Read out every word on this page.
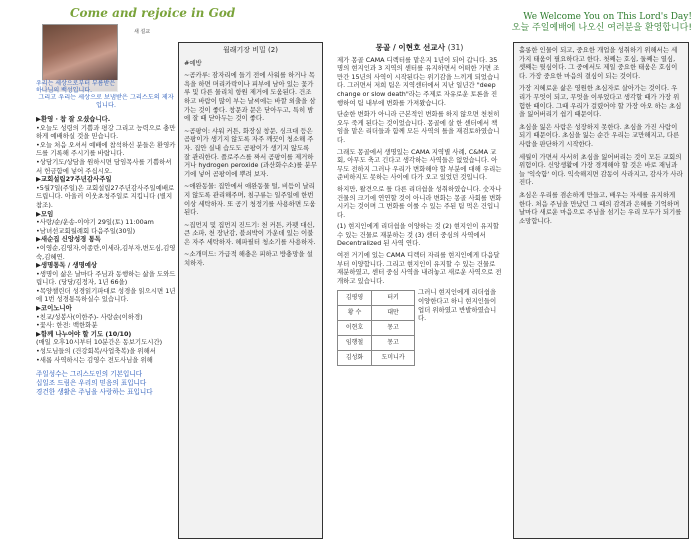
Come and rejoice in God	We Welcome You on This Lord's Day!
오늘 주일예배에 나오신 여러분을 환영합니다!
새 설교
우리는 세상으로부터 부름받은 하나님의 백성입니다.
그리고 우리는 세상으로 보냄받은 그리스도의 제자입니다.

▶환영 · 참 잘 오셨습니다.

•오늘도 성령의 기쁨과 평강 그리고 능력으로 충만하게 예배하실 것을 믿습니다.

•오늘 처음 오셔서 예배에 참석하신 분들은 환영카드를 기록해 주시기를 바랍니다.

•상담기도/상담을 원하시면 담임목사를 기쁨하셔서 헌금함에 넣어 주십시오.

▶교회설립27주년감사주일

•5월7일(주일)은 교회설립27주년감사주일예배로 드립니다. 아울러 이웃초청주일로 지킵니다 (별지참조).

▶모임

•사랑/순/운송-이야기 29일(토) 11:00am
•남녀선교회월례회 다음주일(30일)

▶새순집 신앙성경 통독

•이영순,김영자,이종란,이세라,김부자,변도심,김영숙,김혜연.

▶생명통독 / 생명예상

•생명이 삶은 날마다 주님과 동행하는 삶을 도와드립니다. (당당/김정자, 1년 66을)
•목양챌린더 성경읽기파대로 성경을 읽으시면 1년에 1번 성경통독하실수 있습니다.

▶코이노니아

•친교/성봉사(이한주)- 사랑순(이하경)
•꽃사: 한전: 백한화분

▶함께 나누어야 할 기도 (10/10)

(매일 오후10시부터 10분간은 동보기도시간)
•성도님들의 (건강회복/사업축복)을 위해서
•새롭 사역하시는 김영수 전도사님을 위해

주일성수는 그리스도인의 기본입니다
십일조 드림은 우리의 믿음의 표입니다
경건한 생활은 주님을 사랑하는 표입니다
월래기장 비밀 (2)

#예방

~곰카루: 잠자리에 들기 전에 사워를 하거나 목욕을 하면 머리카락이나 피부에 남아 있는 꽃가루 및 다른 물리치 항원 제거에 도움된다. 건조하고 바람이 많이 부는 날씨에는 바깥 외출을 삼가는 것이 좋다. 창문과 문은 닫아두고, 특히 밤에 잘 때 닫아두는 것이 좋다.

~곰팡이: 샤워 커튼, 화장실 창문, 싱크대 등은 곰팡이가 생기지 않도록 자주 깨끗이 청소해 주자. 집안 실내 습도도 곰팡이가 생기지 않도록 잘 관리한다. 플로주스를 짜서 곰팡이를 제거하거나 hydrogen peroxide (과산화수소)를 분무기에 넣어 곰팡이에 뿌려 보자.

~애완동물: 집안에서 애완동물 털, 비듬이 날리지 않도록 관리해주며, 침구류는 일주일에 한번 이상 세탁하자. 또 공기 청정기를 사용하면 도움된다.

~집먼지 및 집먼지 진드기: 천 커튼, 카펫 대신, 큰 소파, 천 장난감, 블쇠박이 가운데 있는 이불은 자주 세탁하자. 헤파필터 청소기를 사용하자.

~소개미드: 가급적 해충은 피하고 방충망을 설치하자.

몽골 / 이현호 선교사 (31)

제가 몽골 CAMA 디렉터를 맡은지 1년이 되어 갑니다. 35명의 현지인과 3 지역의 센터를 유지하면서 어떠한 가면 조만간 15년의 사역이 시작된다는 위기감을 느끼게 되었습니다. 그러면서 저희 팀은 지역센터에서 지난 일년간 "deep change or slow death"라는 주제로 자유로운 토론을 진행하여 팀 내부에 변화를 가져왔습니다.

단순한 변화가 아니라 근본적인 변화를 하지 않으면 천천히 오두 죽게 된다는 것이었습니다. 몽골에 살 한 센터에서 책임을 맡은 리더들과 함께 모든 사역의 틀을 재검토하였습니다.

그래도 몽골에서 생명있는 CAMA 지역별 사례, C&MA 교회, 아무도 축고 긴다고 생각하는 사역들은 없었습니다. 아무도 전하지 그러나 우리가 변화해야 할 부분에 대해 우리는 준비하지도 못하는 사이에 다가 오고 있었던 것입니다.

하지만, 왈견으로 틀 다른 리더쉽을 성취하였습니다. 숫자나 건물의 크기에 연연할 것이 아니라 변화는 몽골 사회를 변화시키는 것이며 그 변화를 이룰 수 있는 주된 팀 먹은 건입니다.

(1) 현지인에게 리더쉽을 이양하는 것 (2) 현지인이 유지할 수 있는 건물로 재분하는 것 (3) 센터 중심의 사역에서 Decentralized 된 사역 연다.

여전 거기에 있는 CAMA 디렉터 자리를 현지인에게 다음달부터 이양합니다. 그리고 현지인이 유지할 수 있는 건물로 재분하였고, 센터 중심 사역을 내려놓고 새로운 사역으로 전개하고 있습니다.

김평영	터키
황 수	대만
이현호	몽고
임행철	몽고
김성화	도미니카

그러니 현지인에게 리더쉽을 이양한다고 하니 현지인들이 업더 위하였고 반발하였습니다.

홀롱한 인물이 되고, 중요한 개업을 성취하기 위해서는 세 가지 태움이 필요하다고 한다. 첫째는 호심, 둘째는 열심, 셋째는 뒷심이다. 그 중에서도 제일 중요한 태움은 호심이다. 가장 중요한 마음의 결심이 되는 것이다.

가장 지혜로운 삶은 영원한 초심자로 살아가는 것이다. 우리가 무엇이 되고, 무엇을 이루었다고 생각할 때가 가장 위험한 때이다. 그때 우리가 걸렸어야 할 가장 아오 하는 초심을 잃어버리기 쉽기 때문이다.

초심을 잃은 사람은 성장하지 못한다. 초심을 가진 사람이 되기 때문이다. 초심을 잃는 순간 우리는 교만해지고, 다른 사람을 판단하기 시작한다.

세월이 가면서 사서히 초심을 잃어버리는 것이 모든 교회의 위험이다. 신앙생활에 가장 경계해야 할 것은 바로 재님과 늘 '익숙함' 이다. 익숙해지면 감동이 사라지고, 감사가 사라진다.

초심은 우리를 겸손하게 만들고, 배우는 자세를 유지하게 한다. 처음 주님을 만났던 그 때의 감격과 은혜를 기억하며 날마다 새로운 마음으로 주님을 섬기는 우리 모두가 되기를 소망합니다.
